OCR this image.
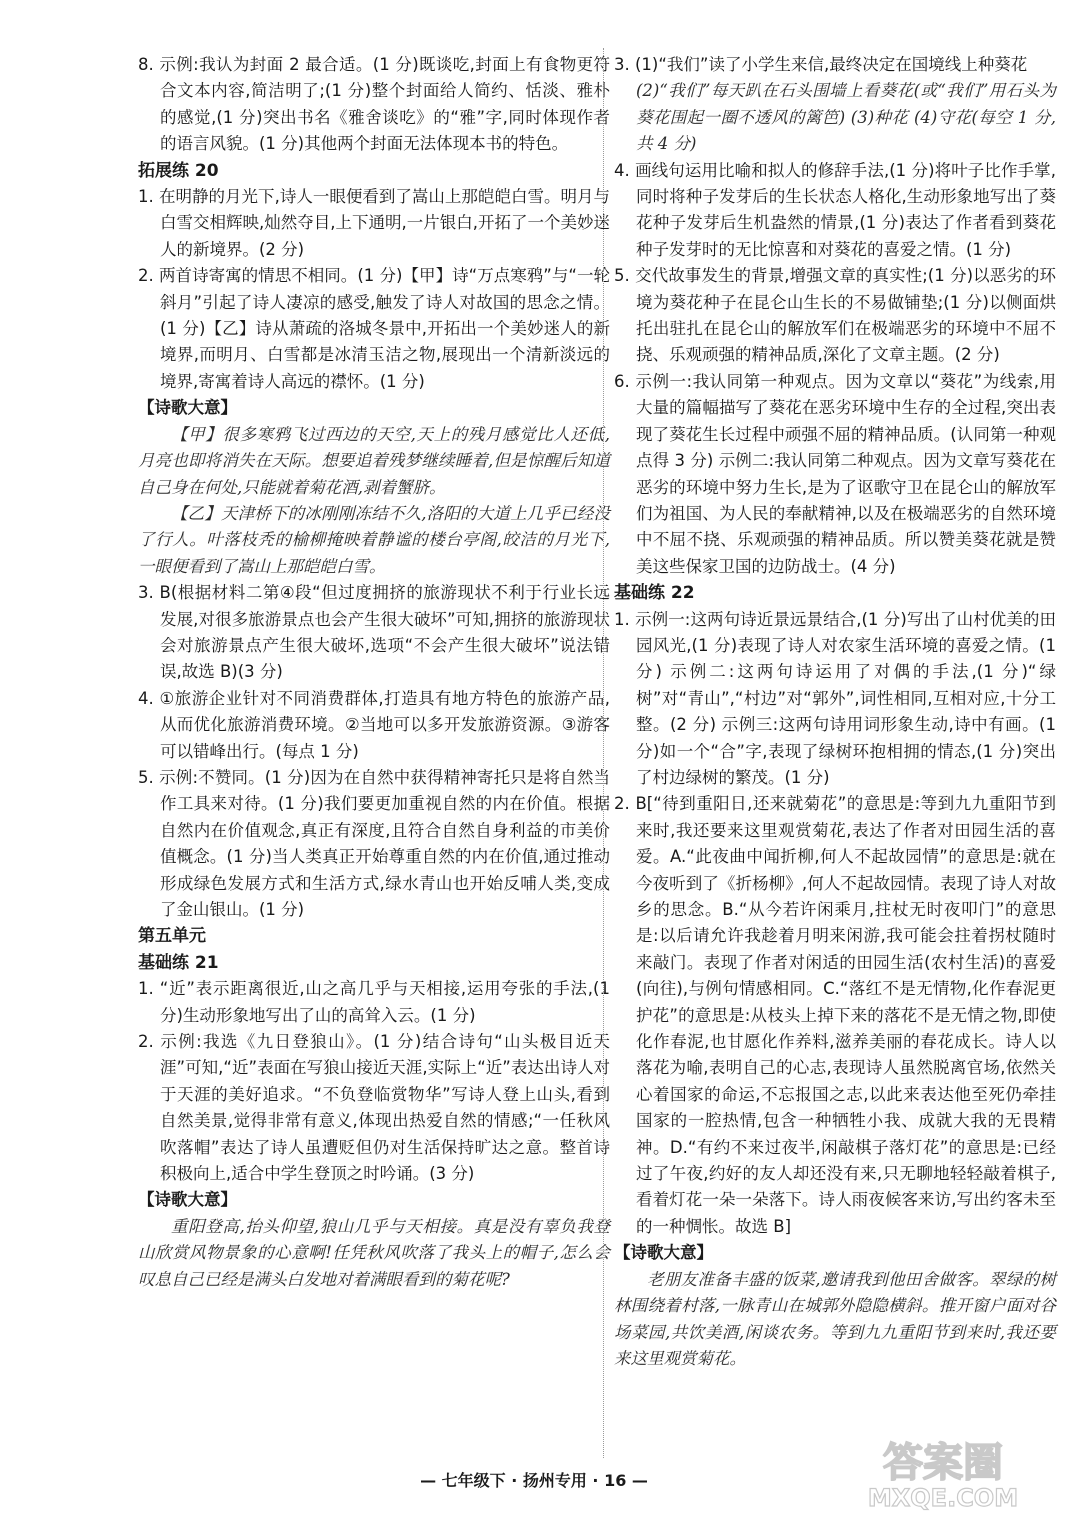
8. 示例:我认为封面 2 最合适。(1 分)既谈吃,封面上有食物更符合文本内容,简洁明了;(1 分)整个封面给人简约、恬淡、雅朴的感觉,(1 分)突出书名《雅舍谈吃》的“雅”字,同时体现作者的语言风貌。(1 分)其他两个封面无法体现本书的特色。

拓展练 20

1. 在明静的月光下,诗人一眼便看到了嵩山上那皑皑白雪。明月与白雪交相辉映,灿然夺目,上下通明,一片银白,开拓了一个美妙迷人的新境界。(2 分)

2. 两首诗寄寓的情思不相同。(1 分)【甲】诗“万点寒鸦”与“一轮斜月”引起了诗人凄凉的感受,触发了诗人对故国的思念之情。(1 分)【乙】诗从萧疏的洛城冬景中,开拓出一个美妙迷人的新境界,而明月、白雪都是冰清玉洁之物,展现出一个清新淡远的境界,寄寓着诗人高远的襟怀。(1 分)

【诗歌大意】

【甲】很多寒鸦飞过西边的天空,天上的残月感觉比人还低,月亮也即将消失在天际。想要追着残梦继续睡着,但是惊醒后知道自己身在何处,只能就着菊花酒,剥着蟹脐。

【乙】天津桥下的冰刚刚冻结不久,洛阳的大道上几乎已经没了行人。叶落枝秃的榆柳掩映着静谧的楼台亭阁,皎洁的月光下,一眼便看到了嵩山上那皑皑白雪。

3. B(根据材料二第④段“但过度拥挤的旅游现状不利于行业长远发展,对很多旅游景点也会产生很大破坏”可知,拥挤的旅游现状会对旅游景点产生很大破坏,选项“不会产生很大破坏”说法错误,故选 B)(3 分)

4. ①旅游企业针对不同消费群体,打造具有地方特色的旅游产品,从而优化旅游消费环境。②当地可以多开发旅游资源。③游客可以错峰出行。(每点 1 分)

5. 示例:不赞同。(1 分)因为在自然中获得精神寄托只是将自然当作工具来对待。(1 分)我们要更加重视自然的内在价值。根据自然内在价值观念,真正有深度,且符合自然自身利益的市美价值概念。(1 分)当人类真正开始尊重自然的内在价值,通过推动形成绿色发展方式和生活方式,绿水青山也开始反哺人类,变成了金山银山。(1 分)

第五单元

基础练 21

1. “近”表示距离很近,山之高几乎与天相接,运用夸张的手法,(1 分)生动形象地写出了山的高耸入云。(1 分)

2. 示例:我选《九日登狼山》。(1 分)结合诗句“山头极目近天涯”可知,“近”表面在写狼山接近天涯,实际上“近”表达出诗人对于天涯的美好追求。“不负登临赏物华”写诗人登上山头,看到自然美景,觉得非常有意义,体现出热爱自然的情感;“一任秋风吹落帽”表达了诗人虽遭贬但仍对生活保持旷达之意。整首诗积极向上,适合中学生登顶之时吟诵。(3 分)

【诗歌大意】

重阳登高,抬头仰望,狼山几乎与天相接。真是没有辜负我登山欣赏风物景象的心意啊!任凭秋风吹落了我头上的帽子,怎么会叹息自己已经是满头白发地对着满眼看到的菊花呢?

3. (1)“我们”读了小学生来信,最终决定在国境线上种葵花

(2)“我们”每天趴在石头围墙上看葵花(或“我们”用石头为葵花围起一圈不透风的篱笆) (3)种花 (4)守花(每空 1 分,共 4 分)

4. 画线句运用比喻和拟人的修辞手法,(1 分)将叶子比作手掌,同时将种子发芽后的生长状态人格化,生动形象地写出了葵花种子发芽后生机盎然的情景,(1 分)表达了作者看到葵花种子发芽时的无比惊喜和对葵花的喜爱之情。(1 分)

5. 交代故事发生的背景,增强文章的真实性;(1 分)以恶劣的环境为葵花种子在昆仑山生长的不易做铺垫;(1 分)以侧面烘托出驻扎在昆仑山的解放军们在极端恶劣的环境中不屈不挠、乐观顽强的精神品质,深化了文章主题。(2 分)

6. 示例一:我认同第一种观点。因为文章以“葵花”为线索,用大量的篇幅描写了葵花在恶劣环境中生存的全过程,突出表现了葵花生长过程中顽强不屈的精神品质。(认同第一种观点得 3 分) 示例二:我认同第二种观点。因为文章写葵花在恶劣的环境中努力生长,是为了讴歌守卫在昆仑山的解放军们为祖国、为人民的奉献精神,以及在极端恶劣的自然环境中不屈不挠、乐观顽强的精神品质。所以赞美葵花就是赞美这些保家卫国的边防战士。(4 分)

基础练 22

1. 示例一:这两句诗近景远景结合,(1 分)写出了山村优美的田园风光,(1 分)表现了诗人对农家生活环境的喜爱之情。(1 分) 示例二:这两句诗运用了对偶的手法,(1 分)“绿树”对“青山”,“村边”对“郭外”,词性相同,互相对应,十分工整。(2 分) 示例三:这两句诗用词形象生动,诗中有画。(1 分)如一个“合”字,表现了绿树环抱相拥的情态,(1 分)突出了村边绿树的繁茂。(1 分)

2. B[“待到重阳日,还来就菊花”的意思是:等到九九重阳节到来时,我还要来这里观赏菊花,表达了作者对田园生活的喜爱。A.“此夜曲中闻折柳,何人不起故园情”的意思是:就在今夜听到了《折杨柳》,何人不起故园情。表现了诗人对故乡的思念。B.“从今若许闲乘月,拄杖无时夜叩门”的意思是:以后请允许我趁着月明来闲游,我可能会拄着拐杖随时来敲门。表现了作者对闲适的田园生活(农村生活)的喜爱(向往),与例句情感相同。C.“落红不是无情物,化作春泥更护花”的意思是:从枝头上掉下来的落花不是无情之物,即使化作春泥,也甘愿化作养料,滋养美丽的春花成长。诗人以落花为喻,表明自己的心志,表现诗人虽然脱离官场,依然关心着国家的命运,不忘报国之志,以此来表达他至死仍牵挂国家的一腔热情,包含一种牺牲小我、成就大我的无畏精神。D.“有约不来过夜半,闲敲棋子落灯花”的意思是:已经过了午夜,约好的友人却还没有来,只无聊地轻轻敲着棋子,看着灯花一朵一朵落下。诗人雨夜候客来访,写出约客未至的一种惆怅。故选 B]

【诗歌大意】

老朋友准备丰盛的饭菜,邀请我到他田舍做客。翠绿的树林围绕着村落,一脉青山在城郭外隐隐横斜。推开窗户面对谷场菜园,共饮美酒,闲谈农务。等到九九重阳节到来时,我还要来这里观赏菊花。

— 七年级下 · 扬州专用 · 16 —	答案圈
MXQE.COM
